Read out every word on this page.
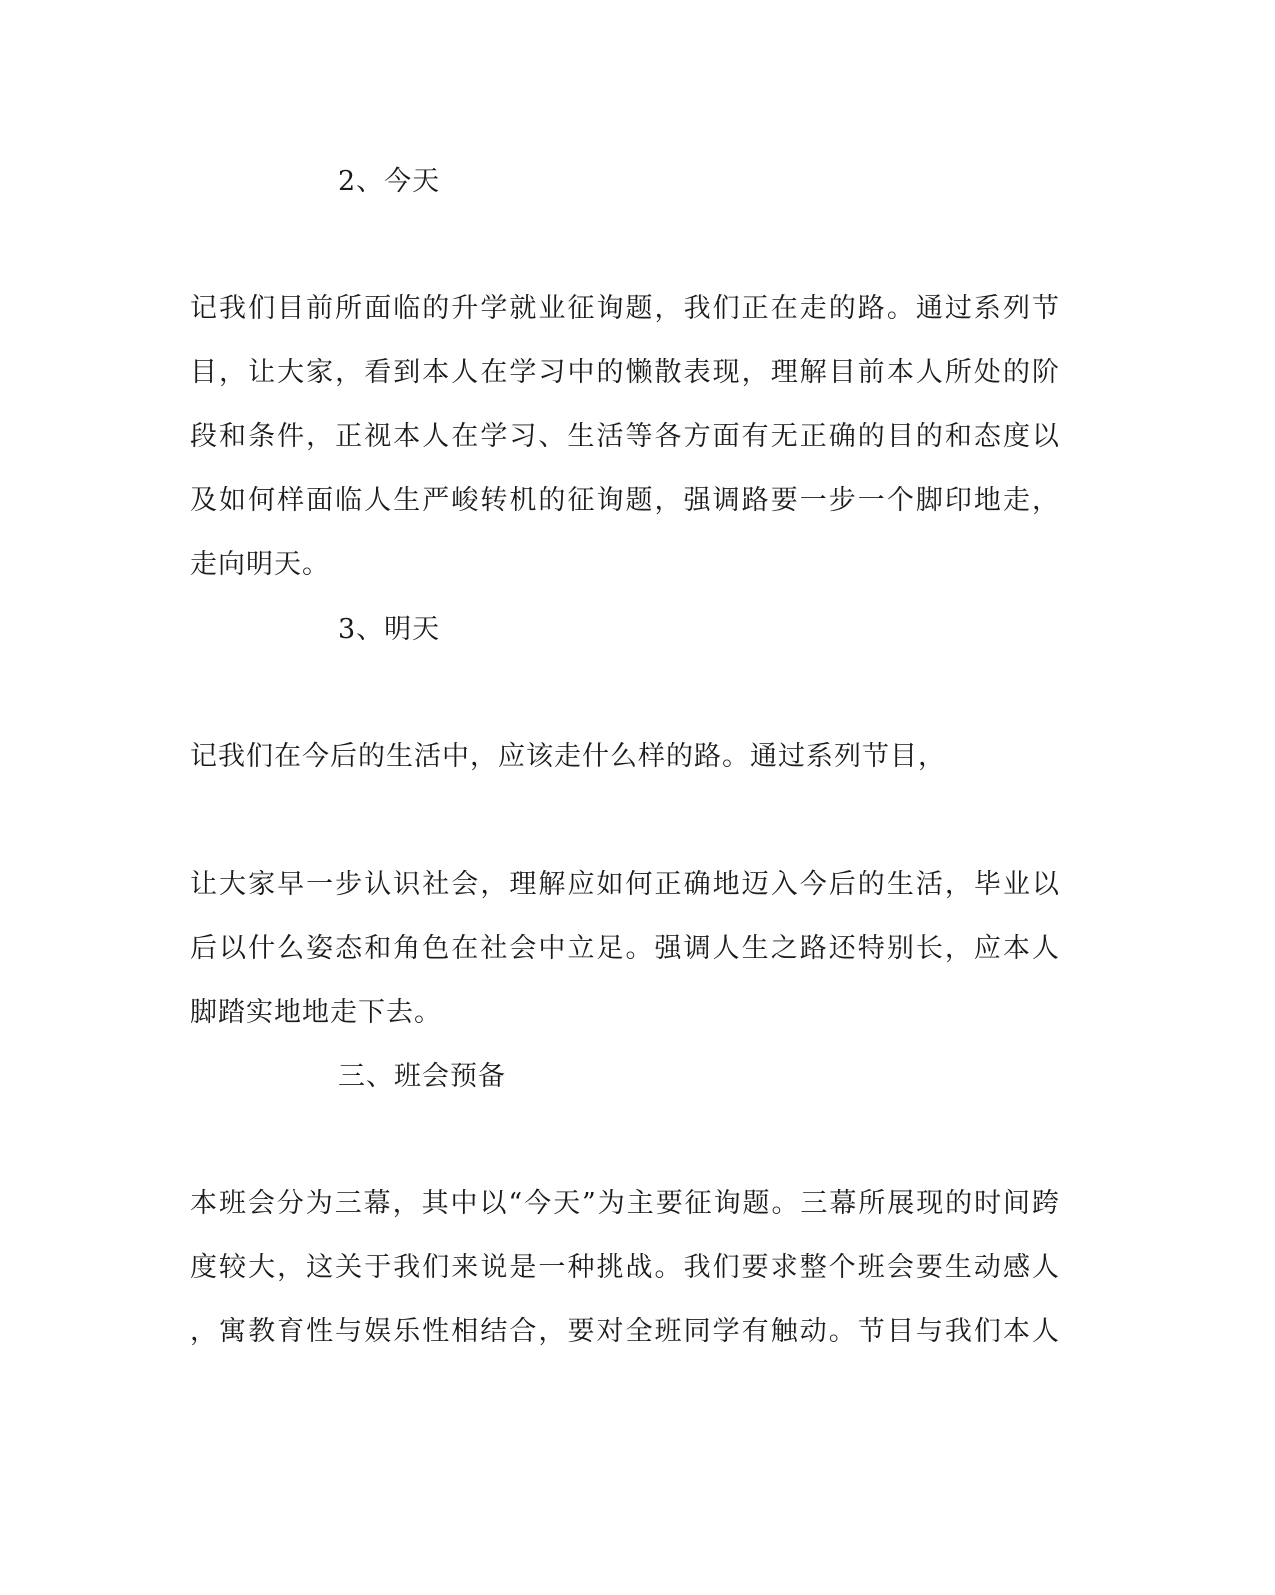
2、今天
记我们目前所面临的升学就业征询题，我们正在走的路。通过系列节
目，让大家，看到本人在学习中的懒散表现，理解目前本人所处的阶
段和条件，正视本人在学习、生活等各方面有无正确的目的和态度以
及如何样面临人生严峻转机的征询题，强调路要一步一个脚印地走，
走向明天。
3、明天
记我们在今后的生活中，应该走什么样的路。通过系列节目，
让大家早一步认识社会，理解应如何正确地迈入今后的生活，毕业以
后以什么姿态和角色在社会中立足。强调人生之路还特别长，应本人
脚踏实地地走下去。
三、班会预备
本班会分为三幕，其中以“今天”为主要征询题。三幕所展现的时间跨
度较大，这关于我们来说是一种挑战。我们要求整个班会要生动感人
，寓教育性与娱乐性相结合，要对全班同学有触动。节目与我们本人
